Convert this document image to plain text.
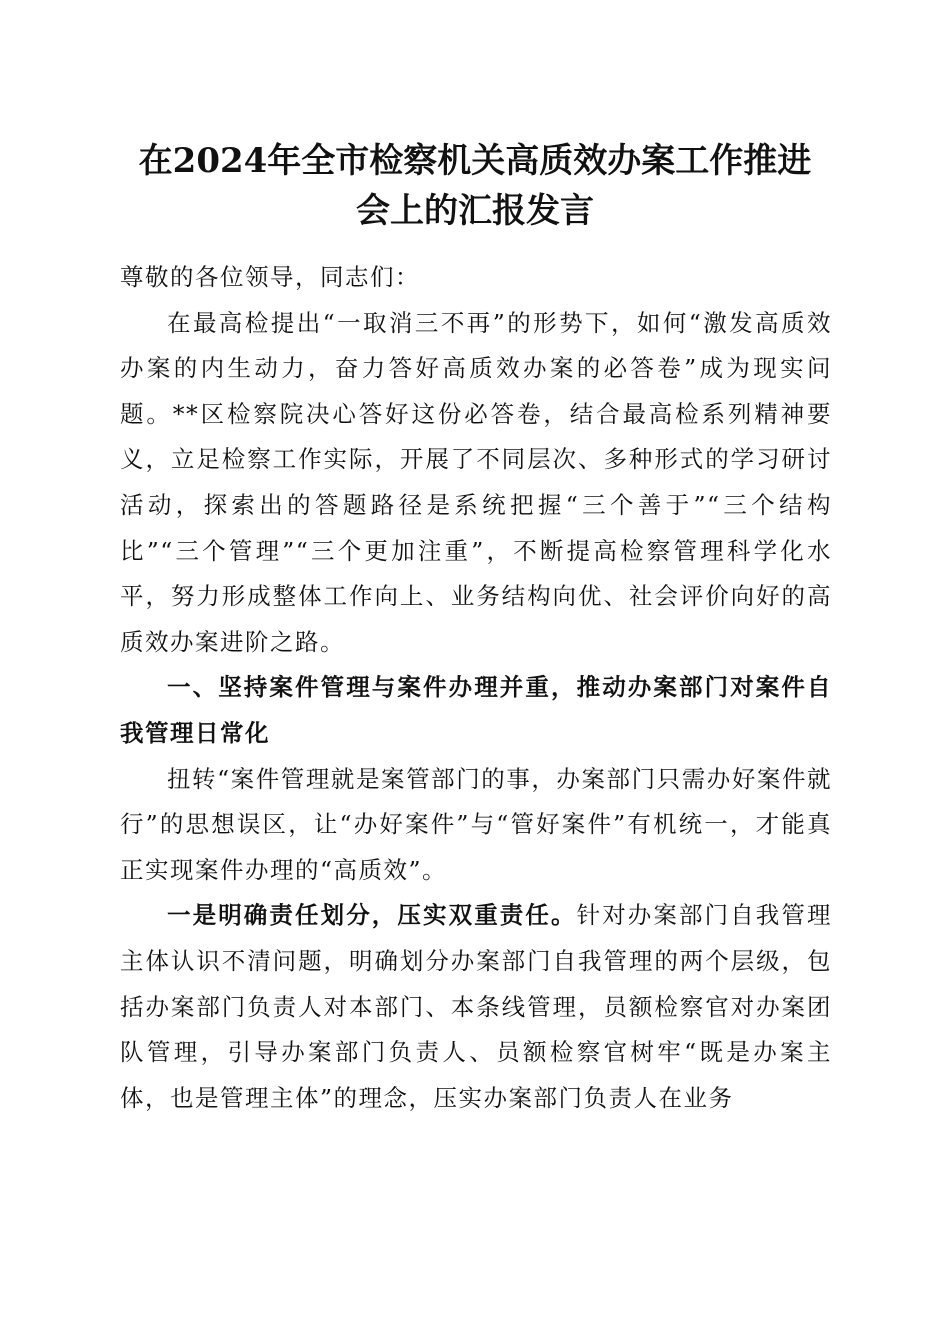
在2024年全市检察机关高质效办案工作推进
会上的汇报发言

尊敬的各位领导，同志们：

在最高检提出“一取消三不再”的形势下，如何“激发高质效办案的内生动力，奋力答好高质效办案的必答卷”成为现实问题。**区检察院决心答好这份必答卷，结合最高检系列精神要义，立足检察工作实际，开展了不同层次、多种形式的学习研讨活动，探索出的答题路径是系统把握“三个善于”“三个结构比”“三个管理”“三个更加注重”，不断提高检察管理科学化水平，努力形成整体工作向上、业务结构向优、社会评价向好的高质效办案进阶之路。

一、坚持案件管理与案件办理并重，推动办案部门对案件自我管理日常化

扭转“案件管理就是案管部门的事，办案部门只需办好案件就行”的思想误区，让“办好案件”与“管好案件”有机统一，才能真正实现案件办理的“高质效”。

一是明确责任划分，压实双重责任。针对办案部门自我管理主体认识不清问题，明确划分办案部门自我管理的两个层级，包括办案部门负责人对本部门、本条线管理，员额检察官对办案团队管理，引导办案部门负责人、员额检察官树牢“既是办案主体，也是管理主体”的理念，压实办案部门负责人在业务
